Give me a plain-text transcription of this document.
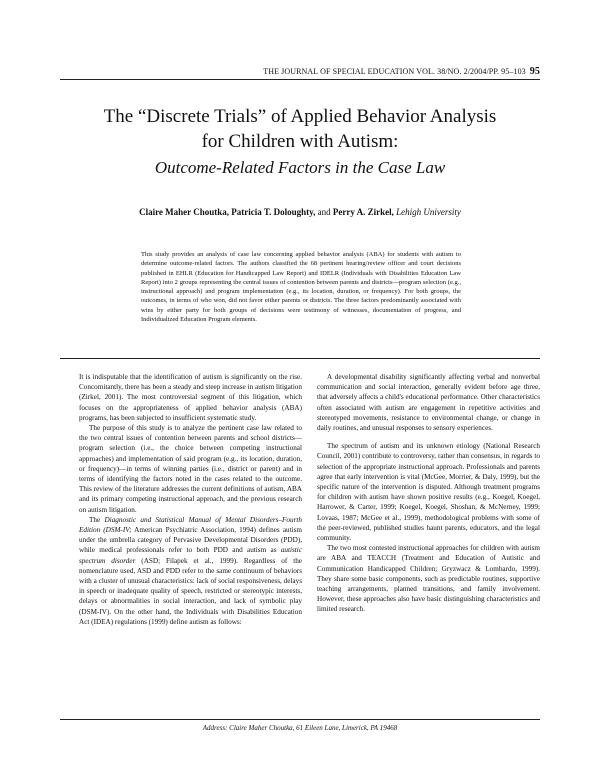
THE JOURNAL OF SPECIAL EDUCATION VOL. 38/NO. 2/2004/PP. 95–103 95
The “Discrete Trials” of Applied Behavior Analysis
for Children with Autism:
Outcome-Related Factors in the Case Law
Claire Maher Choutka, Patricia T. Doloughty, and Perry A. Zirkel, Lehigh University
This study provides an analysis of case law concerning applied behavior analysis (ABA) for students with autism to determine outcome-related factors. The authors classified the 68 pertinent hearing/review officer and court decisions published in EHLR (Education for Handicapped Law Report) and IDELR (Individuals with Disabilities Education Law Report) into 2 groups representing the central issues of contention between parents and districts—program selection (e.g., instructional approach) and program implementation (e.g., its location, duration, or frequency). For both groups, the outcomes, in terms of who won, did not favor either parents or districts. The three factors predominantly associated with wins by either party for both groups of decisions were testimony of witnesses, documentation of progress, and Individualized Education Program elements.

It is indisputable that the identification of autism is significantly on the rise. Concomitantly, there has been a steady and steep increase in autism litigation (Zirkel, 2001). The most controversial segment of this litigation, which focuses on the appropriateness of applied behavior analysis (ABA) programs, has been subjected to insufficient systematic study.

The purpose of this study is to analyze the pertinent case law related to the two central issues of contention between parents and school districts—program selection (i.e., the choice between competing instructional approaches) and implementation of said program (e.g., its location, duration, or frequency)—in terms of winning parties (i.e., district or parent) and in terms of identifying the factors noted in the cases related to the outcome. This review of the literature addresses the current definitions of autism, ABA and its primary competing instructional approach, and the previous research on autism litigation.

The Diagnostic and Statistical Manual of Mental Disorders–Fourth Edition (DSM-IV; American Psychiatric Association, 1994) defines autism under the umbrella category of Pervasive Developmental Disorders (PDD), while medical professionals refer to both PDD and autism as autistic spectrum disorder (ASD; Filapek et al., 1999). Regardless of the nomenclature used, ASD and PDD refer to the same continuum of behaviors with a cluster of unusual characteristics: lack of social responsiveness, delays in speech or inadequate quality of speech, restricted or stereotypic interests, delays or abnormalities in social interaction, and lack of symbolic play (DSM-IV). On the other hand, the Individuals with Disabilities Education Act (IDEA) regulations (1999) define autism as follows:

A developmental disability significantly affecting verbal and nonverbal communication and social interaction, generally evident before age three, that adversely affects a child's educational performance. Other characteristics often associated with autism are engagement in repetitive activities and stereotyped movements, resistance to environmental change, or change in daily routines, and unusual responses to sensory experiences.

The spectrum of autism and its unknown etiology (National Research Council, 2001) contribute to controversy, rather than consensus, in regards to selection of the appropriate instructional approach. Professionals and parents agree that early intervention is vital (McGee, Morrier, & Daly, 1999), but the specific nature of the intervention is disputed. Although treatment programs for children with autism have shown positive results (e.g., Koegel, Koegel, Harrower, & Carter, 1999; Koegel, Koegel, Shoshan, & McNerney, 1999; Lovaas, 1987; McGee et al., 1999), methodological problems with some of the peer-reviewed, published studies haunt parents, educators, and the legal community.

The two most contested instructional approaches for children with autism are ABA and TEACCH (Treatment and Education of Autistic and Communication Handicapped Children; Gryzwacz & Lombardo, 1999). They share some basic components, such as predictable routines, supportive teaching arrangements, planned transitions, and family involvement. However, these approaches also have basic distinguishing characteristics and limited research.

Address: Claire Maher Choutka, 61 Eileen Lane, Limerick, PA 19468
